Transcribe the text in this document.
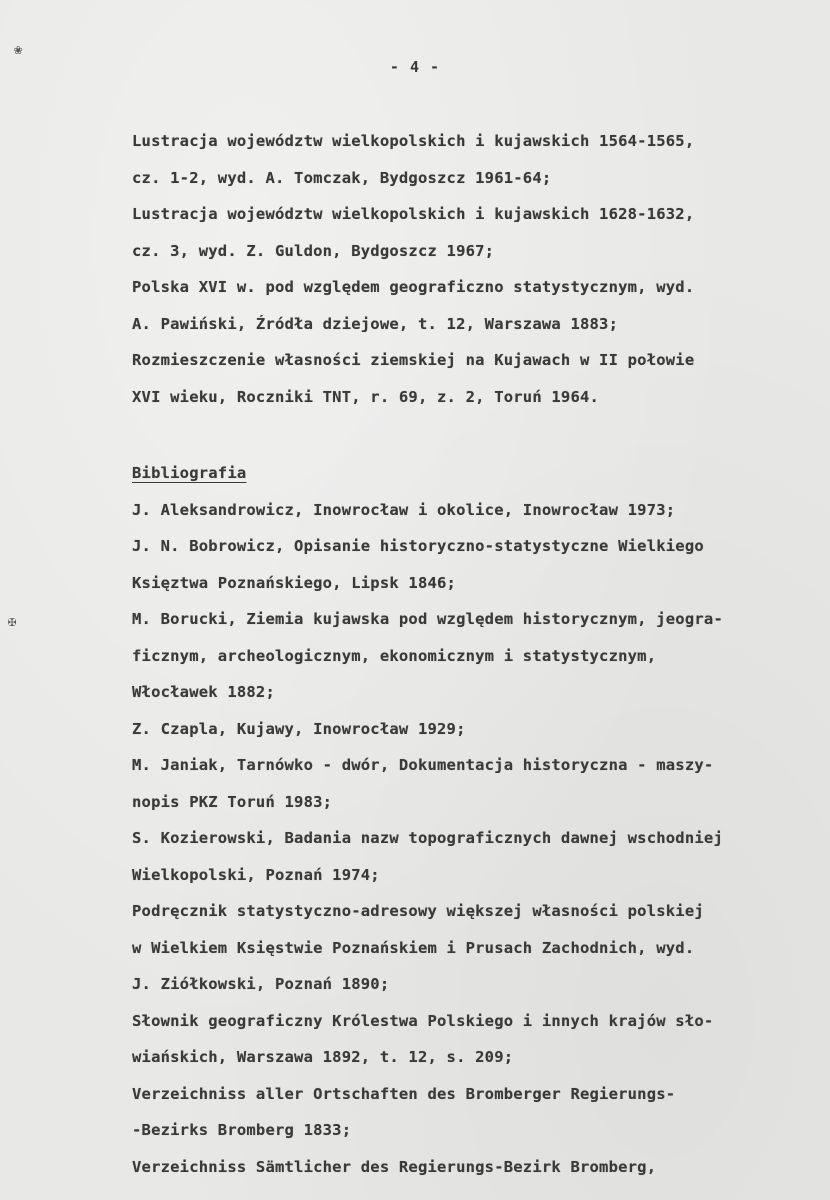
❀
✠
- 4 -
Lustracja województw wielkopolskich i kujawskich 1564-1565,
cz. 1-2, wyd. A. Tomczak, Bydgoszcz 1961-64;
Lustracja województw wielkopolskich i kujawskich 1628-1632,
cz. 3, wyd. Z. Guldon, Bydgoszcz 1967;
Polska XVI w. pod względem geograficzno statystycznym, wyd.
A. Pawiński, Źródła dziejowe, t. 12, Warszawa 1883;
Rozmieszczenie własności ziemskiej na Kujawach w II połowie
XVI wieku, Roczniki TNT, r. 69, z. 2, Toruń 1964.
Bibliografia
J. Aleksandrowicz, Inowrocław i okolice, Inowrocław 1973;
J. N. Bobrowicz, Opisanie historyczno-statystyczne Wielkiego
Księztwa Poznańskiego, Lipsk 1846;
M. Borucki, Ziemia kujawska pod względem historycznym, jeogra-
ficznym, archeologicznym, ekonomicznym i statystycznym,
Włocławek 1882;
Z. Czapla, Kujawy, Inowrocław 1929;
M. Janiak, Tarnówko - dwór, Dokumentacja historyczna - maszy-
nopis PKZ Toruń 1983;
S. Kozierowski, Badania nazw topograficznych dawnej wschodniej
Wielkopolski, Poznań 1974;
Podręcznik statystyczno-adresowy większej własności polskiej
w Wielkiem Księstwie Poznańskiem i Prusach Zachodnich, wyd.
J. Ziółkowski, Poznań 1890;
Słownik geograficzny Królestwa Polskiego i innych krajów sło-
wiańskich, Warszawa 1892, t. 12, s. 209;
Verzeichniss aller Ortschaften des Bromberger Regierungs-
-Bezirks Bromberg 1833;
Verzeichniss Sämtlicher des Regierungs-Bezirk Bromberg,
